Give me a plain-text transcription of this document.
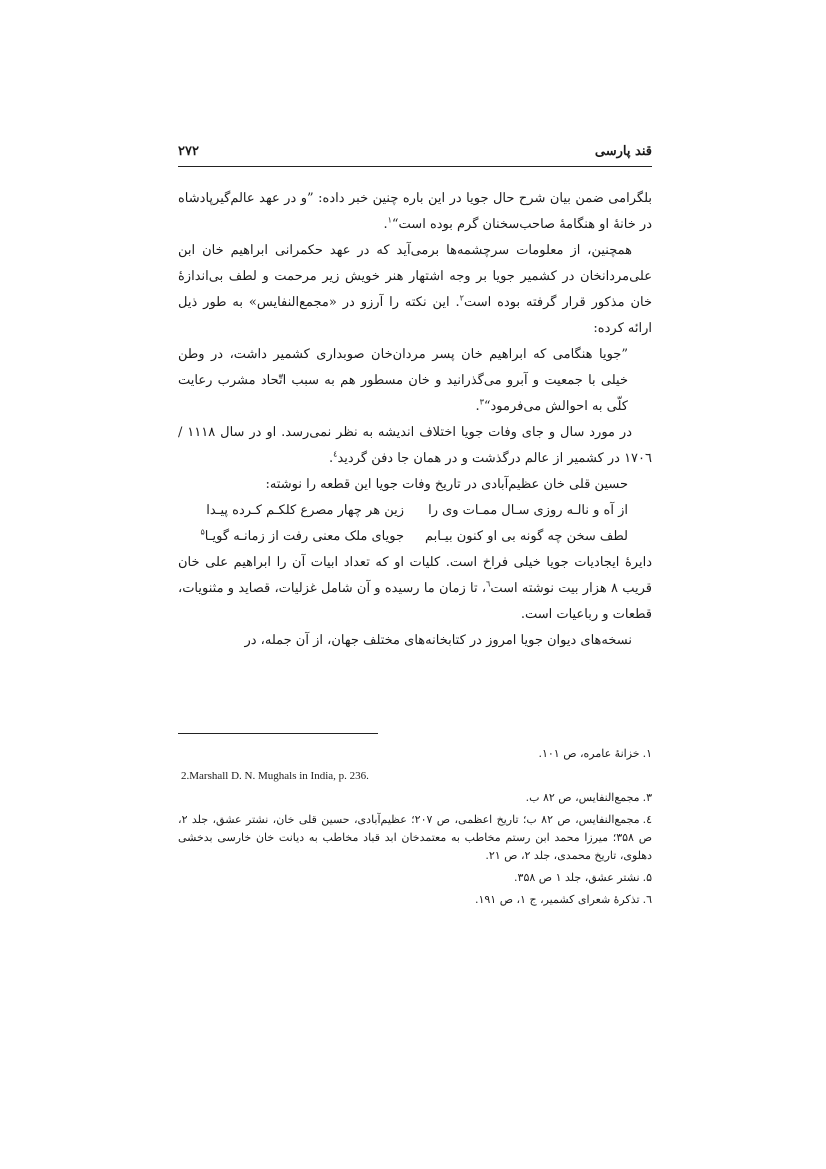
قند پارسی
۲۷۲

بلگرامی ضمن بیان شرح حال جویا در این باره چنین خبر داده: ”و در عهد عالم‌گیرپادشاه در خانهٔ او هنگامهٔ صاحب‌سخنان گرم بوده است“$^۱$.

همچنین، از معلومات سرچشمه‌ها برمی‌آید که در عهد حکمرانی ابراهیم خان ابن علی‌مردانخان در کشمیر جویا بر وجه اشتهار هنر خویش زیر مرحمت و لطف بی‌اندازهٔ خان مذکور قرار گرفته بوده است$^۲$. این نکته را آرزو در «مجمع‌النفایس» به طور ذیل ارائه کرده:

”جویا هنگامی که ابراهیم خان پسر مردان‌خان صوبداری کشمیر داشت، در وطن خیلی با جمعیت و آبرو می‌گذرانید و خان مسطور هم به سبب اتّحاد مشرب رعایت کلّی به احوالش می‌فرمود“$^۳$.

در مورد سال و جای وفات جویا اختلاف اندیشه به نظر نمی‌رسد. او در سال ۱۱۱۸ / ۱۷۰٦ در کشمیر از عالم درگذشت و در همان جا دفن گردید$^٤$.

حسین قلی خان عظیم‌آبادی در تاریخ وفات جویا این قطعه را نوشته:

از آه و نالـه روزی سـال ممـات وی را
زین هر چهار مصرع کلکـم کـرده پیـدا
لطف سخن چه گونه بی او کنون بیـابم
جویای ملک معنی رفت از زمانـه گویـا$^۵$

دایرهٔ ایجادیات جویا خیلی فراخ است. کلیات او که تعداد ابیات آن را ابراهیم علی خان قریب ۸ هزار بیت نوشته است$^٦$، تا زمان ما رسیده و آن شامل غزلیات، قصاید و مثنویات، قطعات و رباعیات است.

نسخه‌های دیوان جویا امروز در کتابخانه‌های مختلف جهان، از آن جمله، در

۱.خزانهٔ عامره، ص ۱۰۱.

2.Marshall D. N. Mughals in India, p. 236.

۳.مجمع‌النفایس، ص ۸۲ ب.

٤.مجمع‌النفایس، ص ۸۲ ب؛ تاریخ اعظمی، ص ۲۰۷؛ عظیم‌آبادی، حسین قلی خان، نشتر عشق، جلد ۲، ص ۳۵۸؛ میرزا محمد ابن رستم مخاطب به معتمدخان ابد قباد مخاطب به دیانت خان خارسی بدخشی دهلوی، تاریخ محمدی، جلد ۲، ص ۲۱.

۵.نشتر عشق، جلد ۱ ص ۳۵۸.

٦.تذکرهٔ شعرای کشمیر، ج ۱، ص ۱۹۱.
